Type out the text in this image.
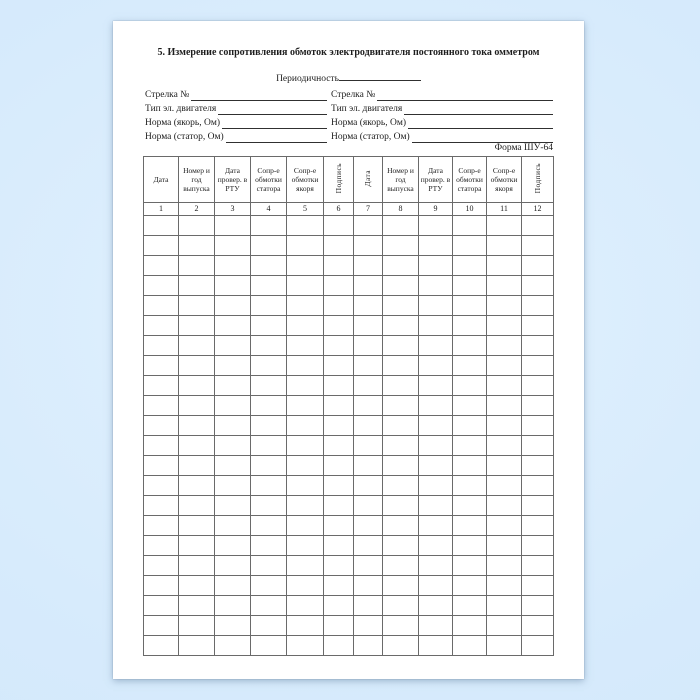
5. Измерение сопротивления обмоток электродвигателя постоянного тока омметром
Периодичность
Стрелка №	Стрелка №
Тип эл. двигателя	Тип эл. двигателя
Норма (якорь, Ом)	Норма (якорь, Ом)
Норма (статор, Ом)	Норма (статор, Ом)
Форма ШУ-64
Дата	Номер и год выпуска	Дата провер. в РТУ	Сопр-е обмотки статора	Сопр-е обмотки якоря	Подпись	Дата	Номер и год выпуска	Дата провер. в РТУ	Сопр-е обмотки статора	Сопр-е обмотки якоря	Подпись
1	2	3	4	5	6	7	8	9	10	11	12
